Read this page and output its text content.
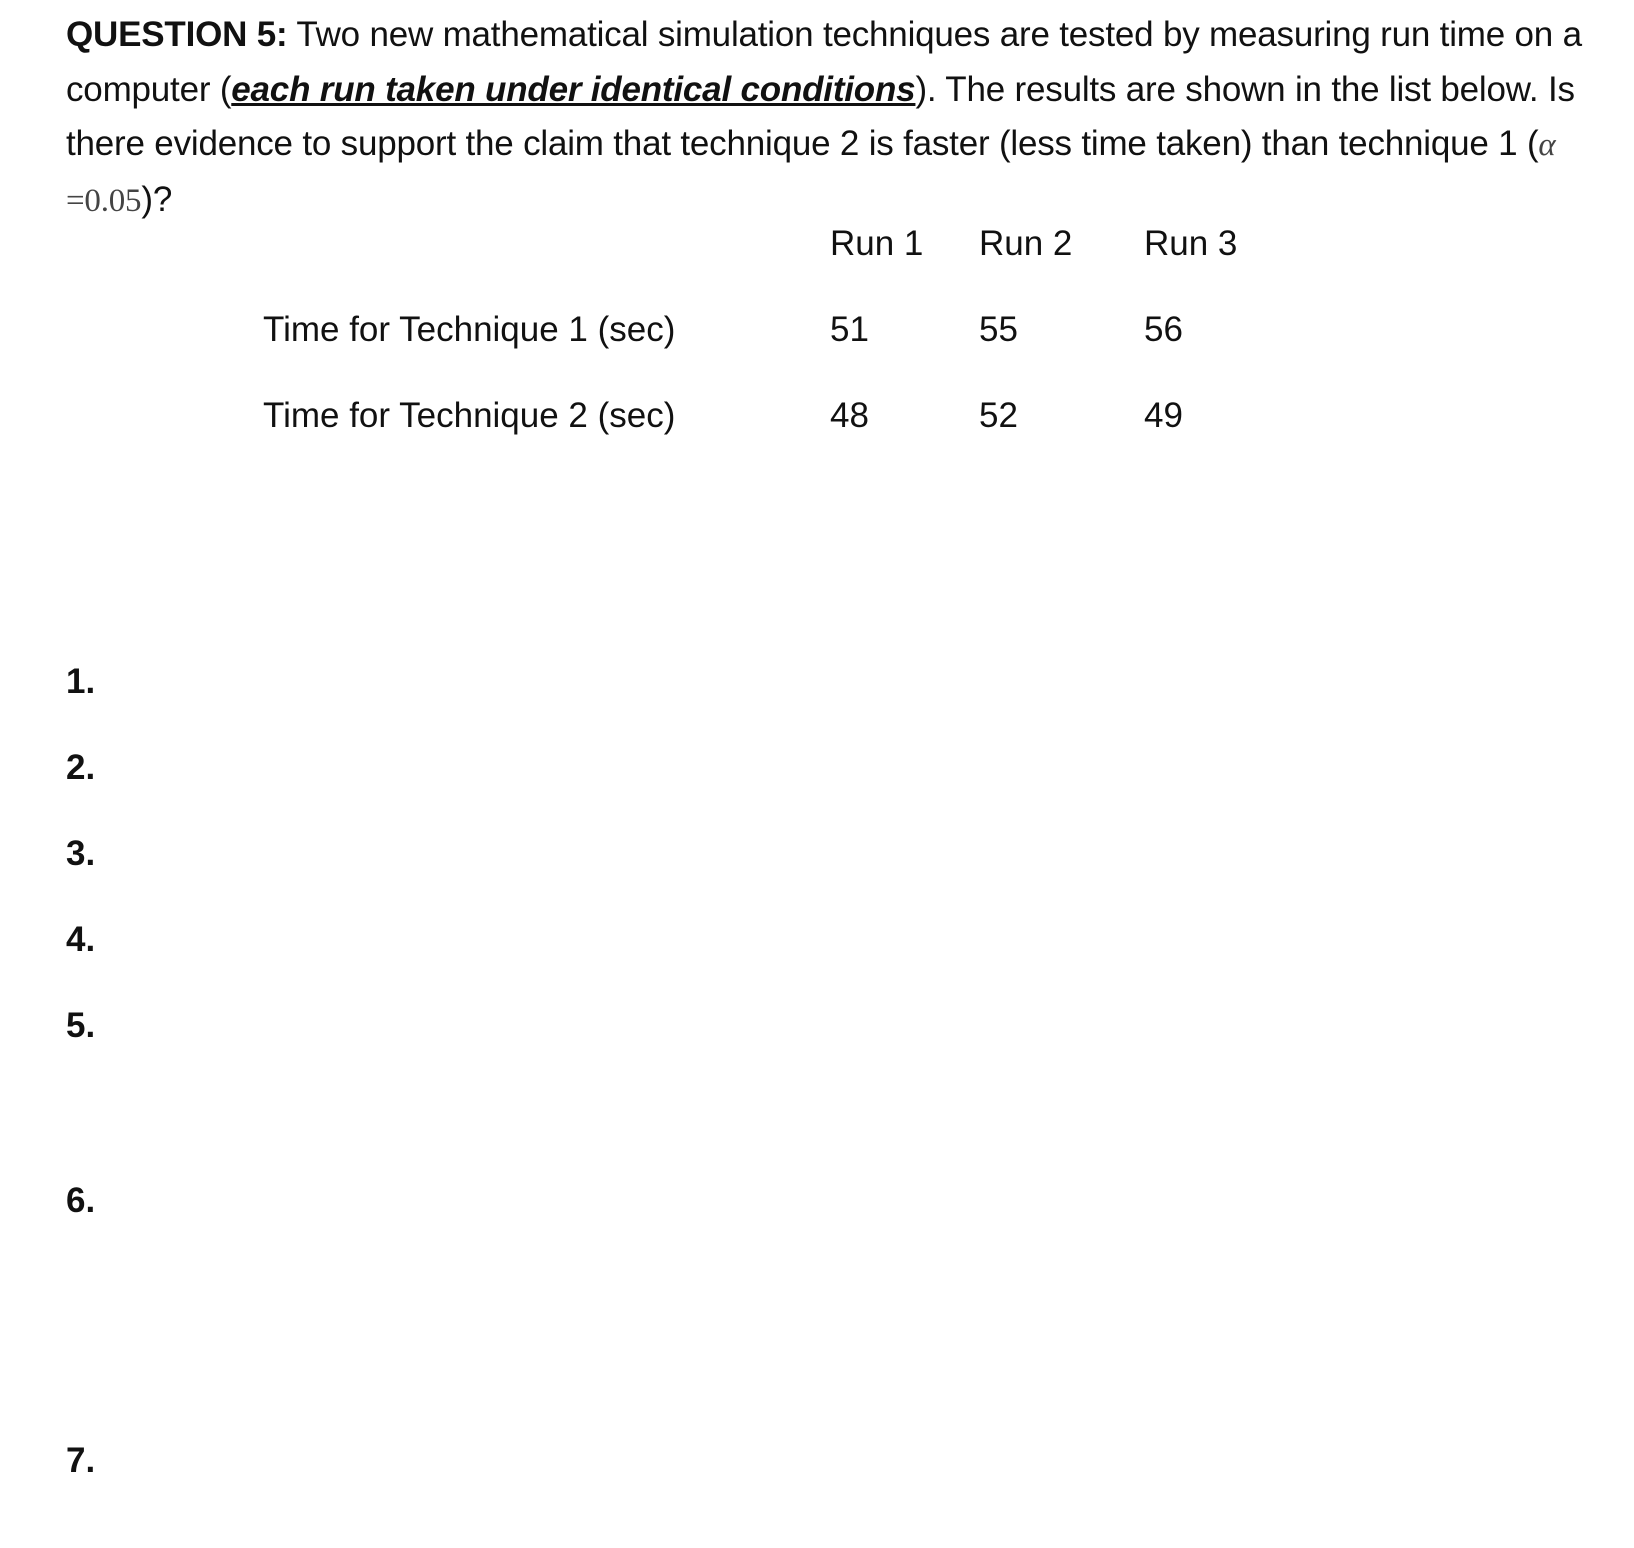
QUESTION 5: Two new mathematical simulation techniques are tested by measuring run time on a computer (each run taken under identical conditions). The results are shown in the list below. Is there evidence to support the claim that technique 2 is faster (less time taken) than technique 1 (α =0.05)?
Run 1 Run 2 Run 3
Time for Technique 1 (sec)	51	55	56
Time for Technique 2 (sec)	48	52	49
1.
2.
3.
4.
5.
6.
7.
